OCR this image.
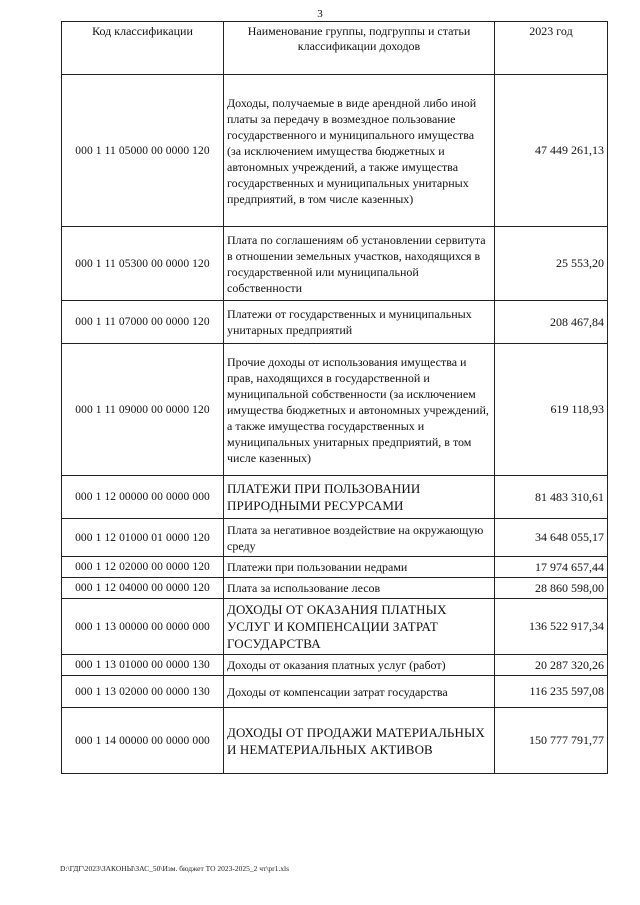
3
Код классификации	Наименование группы, подгруппы и статьи классификации доходов	2023 год
000 1 11 05000 00 0000 120	Доходы, получаемые в виде арендной либо иной платы за передачу в возмездное пользование государственного и муниципального имущества (за исключением имущества бюджетных и автономных учреждений, а также имущества государственных и муниципальных унитарных предприятий, в том числе казенных)	47 449 261,13
000 1 11 05300 00 0000 120	Плата по соглашениям об установлении сервитута в отношении земельных участков, находящихся в государственной или муниципальной собственности	25 553,20
000 1 11 07000 00 0000 120	Платежи от государственных и муниципальных унитарных предприятий	208 467,84
000 1 11 09000 00 0000 120	Прочие доходы от использования имущества и прав, находящихся в государственной и муниципальной собственности (за исключением имущества бюджетных и автономных учреждений, а также имущества государственных и муниципальных унитарных предприятий, в том числе казенных)	619 118,93
000 1 12 00000 00 0000 000	ПЛАТЕЖИ ПРИ ПОЛЬЗОВАНИИ ПРИРОДНЫМИ РЕСУРСАМИ	81 483 310,61
000 1 12 01000 01 0000 120	Плата за негативное воздействие на окружающую среду	34 648 055,17
000 1 12 02000 00 0000 120	Платежи при пользовании недрами	17 974 657,44
000 1 12 04000 00 0000 120	Плата за использование лесов	28 860 598,00
000 1 13 00000 00 0000 000	ДОХОДЫ ОТ ОКАЗАНИЯ ПЛАТНЫХ УСЛУГ И КОМПЕНСАЦИИ ЗАТРАТ ГОСУДАРСТВА	136 522 917,34
000 1 13 01000 00 0000 130	Доходы от оказания платных услуг (работ)	20 287 320,26
000 1 13 02000 00 0000 130	Доходы от компенсации затрат государства	116 235 597,08
000 1 14 00000 00 0000 000	ДОХОДЫ ОТ ПРОДАЖИ МАТЕРИАЛЬНЫХ И НЕМАТЕРИАЛЬНЫХ АКТИВОВ	150 777 791,77
D:\ГДГ\2023\ЗАКОНЫ\ЗАС_50\Изм. бюджет ТО 2023-2025_2 чт\pr1.xls
